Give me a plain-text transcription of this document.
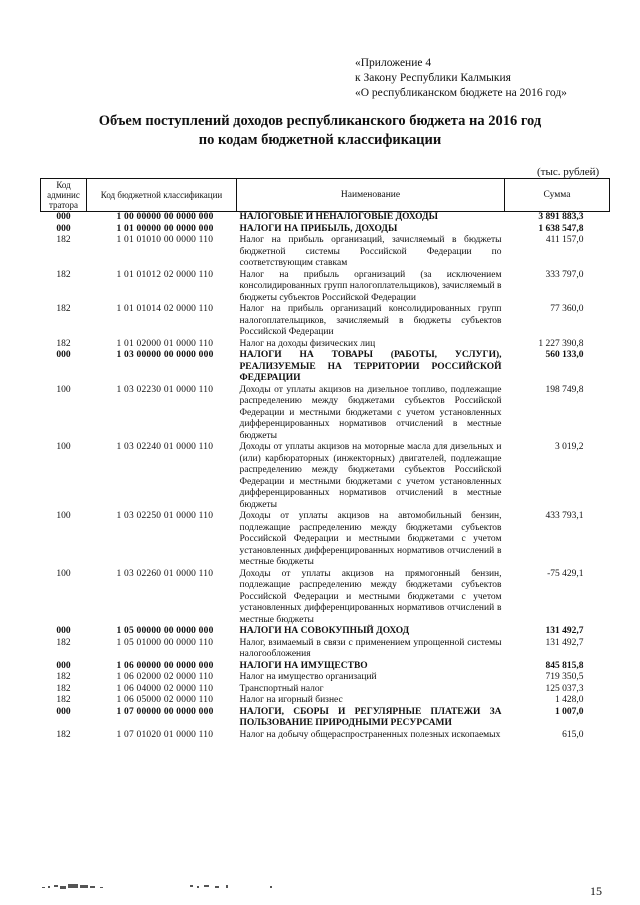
«Приложение 4
к Закону Республики Калмыкия
«О республиканском бюджете на 2016 год»
Объем поступлений доходов республиканского бюджета на 2016 год
по кодам бюджетной классификации
(тыс. рублей)
Код админис тратора	Код бюджетной классификации	Наименование	Сумма
000	1 00 00000 00 0000 000	НАЛОГОВЫЕ И НЕНАЛОГОВЫЕ ДОХОДЫ	3 891 883,3
000	1 01 00000 00 0000 000	НАЛОГИ НА ПРИБЫЛЬ, ДОХОДЫ	1 638 547,8
182	1 01 01010 00 0000 110	Налог на прибыль организаций, зачисляемый в бюджеты бюджетной системы Российской Федерации по соответствующим ставкам	411 157,0
182	1 01 01012 02 0000 110	Налог на прибыль организаций (за исключением консолидированных групп налогоплательщиков), зачисляемый в бюджеты субъектов Российской Федерации	333 797,0
182	1 01 01014 02 0000 110	Налог на прибыль организаций консолидированных групп налогоплательщиков, зачисляемый в бюджеты субъектов Российской Федерации	77 360,0
182	1 01 02000 01 0000 110	Налог на доходы физических лиц	1 227 390,8
000	1 03 00000 00 0000 000	НАЛОГИ НА ТОВАРЫ (РАБОТЫ, УСЛУГИ), РЕАЛИЗУЕМЫЕ НА ТЕРРИТОРИИ РОССИЙСКОЙ ФЕДЕРАЦИИ	560 133,0
100	1 03 02230 01 0000 110	Доходы от уплаты акцизов на дизельное топливо, подлежащие распределению между бюджетами субъектов Российской Федерации и местными бюджетами с учетом установленных дифференцированных нормативов отчислений в местные бюджеты	198 749,8
100	1 03 02240 01 0000 110	Доходы от уплаты акцизов на моторные масла для дизельных и (или) карбюраторных (инжекторных) двигателей, подлежащие распределению между бюджетами субъектов Российской Федерации и местными бюджетами с учетом установленных дифференцированных нормативов отчислений в местные бюджеты	3 019,2
100	1 03 02250 01 0000 110	Доходы от уплаты акцизов на автомобильный бензин, подлежащие распределению между бюджетами субъектов Российской Федерации и местными бюджетами с учетом установленных дифференцированных нормативов отчислений в местные бюджеты	433 793,1
100	1 03 02260 01 0000 110	Доходы от уплаты акцизов на прямогонный бензин, подлежащие распределению между бюджетами субъектов Российской Федерации и местными бюджетами с учетом установленных дифференцированных нормативов отчислений в местные бюджеты	-75 429,1
000	1 05 00000 00 0000 000	НАЛОГИ НА СОВОКУПНЫЙ ДОХОД	131 492,7
182	1 05 01000 00 0000 110	Налог, взимаемый в связи с применением упрощенной системы налогообложения	131 492,7
000	1 06 00000 00 0000 000	НАЛОГИ НА ИМУЩЕСТВО	845 815,8
182	1 06 02000 02 0000 110	Налог на имущество организаций	719 350,5
182	1 06 04000 02 0000 110	Транспортный налог	125 037,3
182	1 06 05000 02 0000 110	Налог на игорный бизнес	1 428,0
000	1 07 00000 00 0000 000	НАЛОГИ, СБОРЫ И РЕГУЛЯРНЫЕ ПЛАТЕЖИ ЗА ПОЛЬЗОВАНИЕ ПРИРОДНЫМИ РЕСУРСАМИ	1 007,0
182	1 07 01020 01 0000 110	Налог на добычу общераспространенных полезных ископаемых	615,0
15
